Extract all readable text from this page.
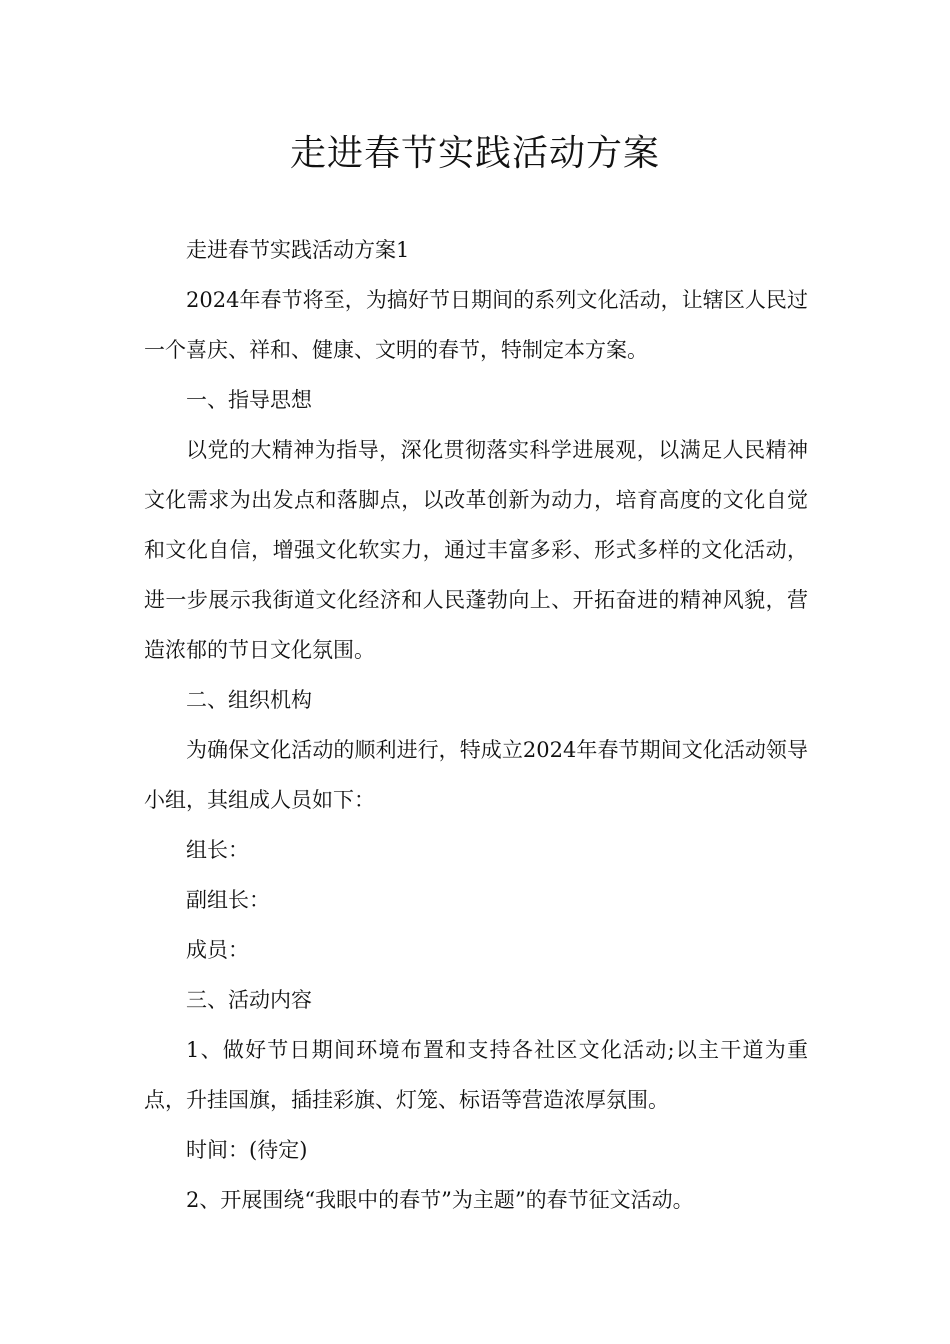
走进春节实践活动方案

走进春节实践活动方案1

2024年春节将至，为搞好节日期间的系列文化活动，让辖区人民过一个喜庆、祥和、健康、文明的春节，特制定本方案。

一、指导思想

以党的大精神为指导，深化贯彻落实科学进展观，以满足人民精神文化需求为出发点和落脚点，以改革创新为动力，培育高度的文化自觉和文化自信，增强文化软实力，通过丰富多彩、形式多样的文化活动，进一步展示我街道文化经济和人民蓬勃向上、开拓奋进的精神风貌，营造浓郁的节日文化氛围。

二、组织机构

为确保文化活动的顺利进行，特成立2024年春节期间文化活动领导小组，其组成人员如下：

组长：

副组长：

成员：

三、活动内容

1、做好节日期间环境布置和支持各社区文化活动;以主干道为重点，升挂国旗，插挂彩旗、灯笼、标语等营造浓厚氛围。

时间：(待定)

2、开展围绕“我眼中的春节”为主题”的春节征文活动。
